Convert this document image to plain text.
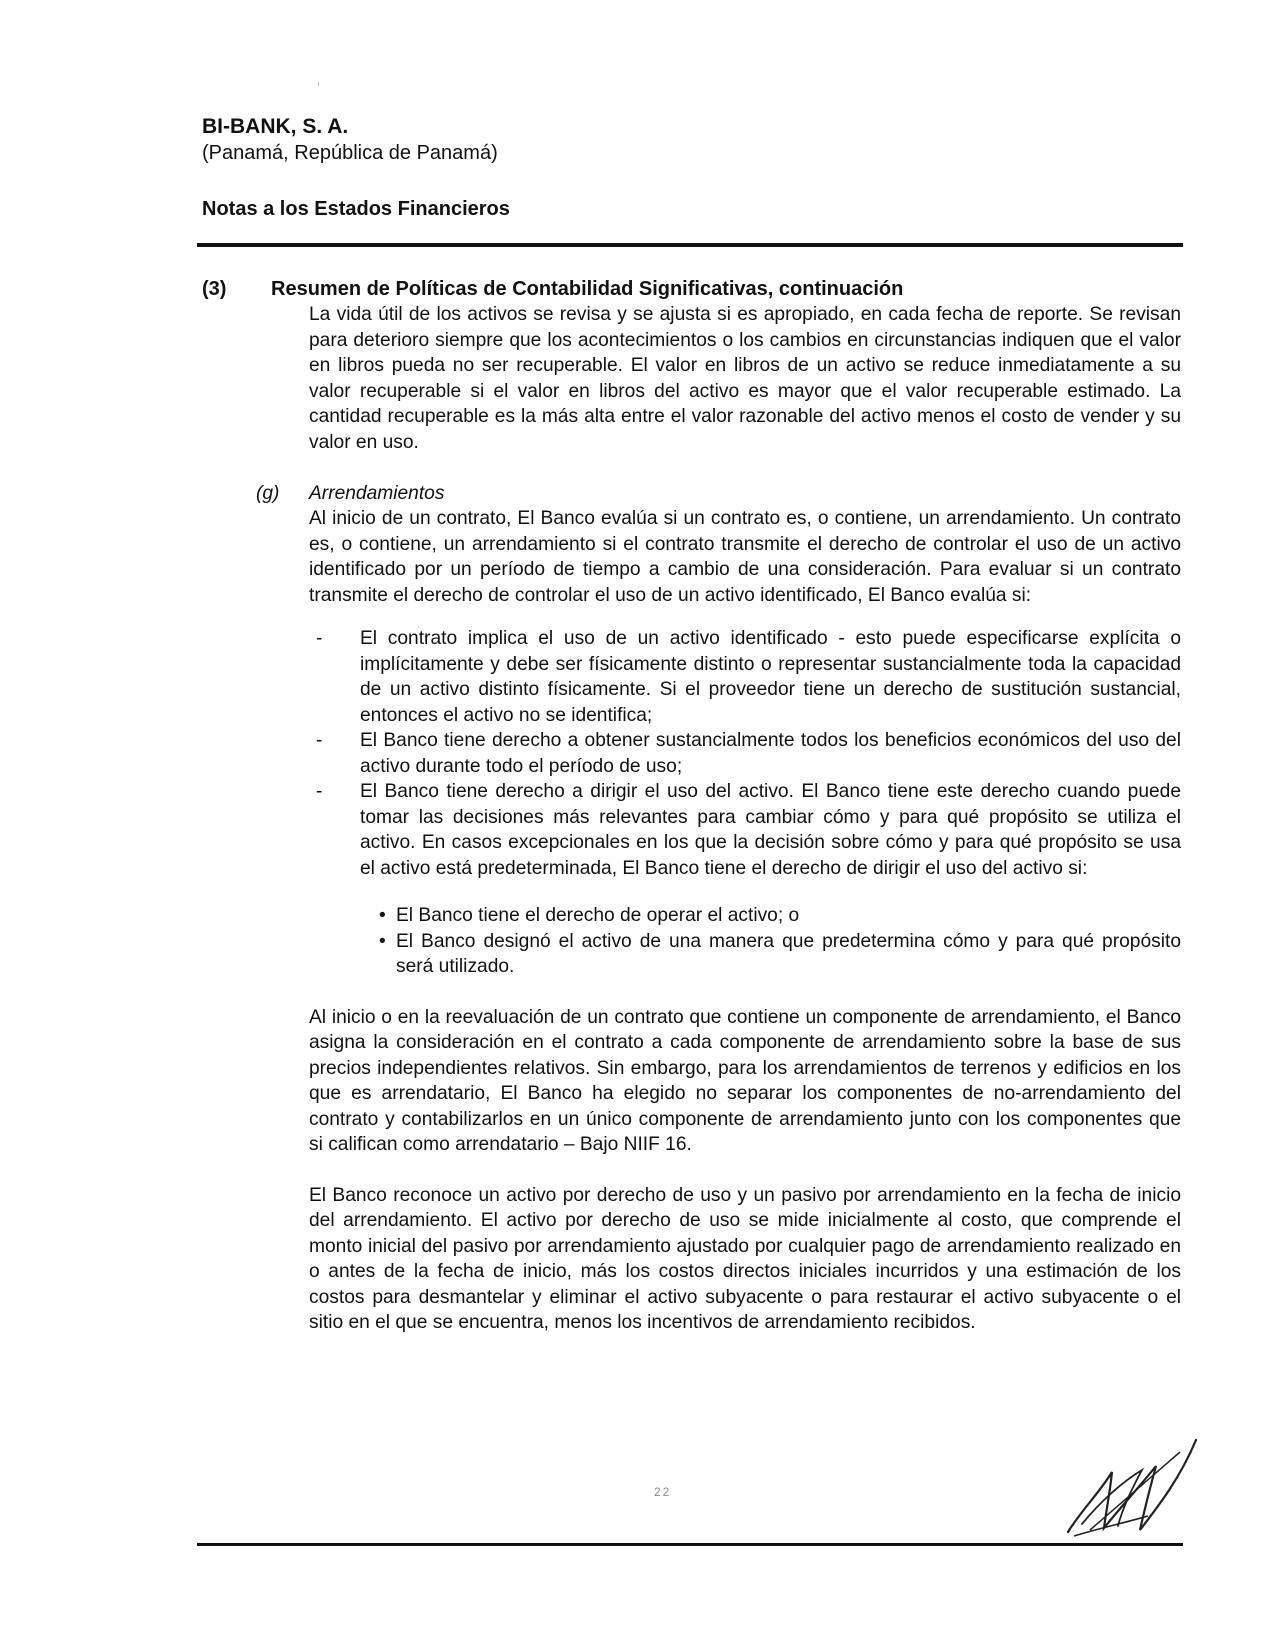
BI-BANK, S. A.
(Panamá, República de Panamá)
Notas a los Estados Financieros
(3) Resumen de Políticas de Contabilidad Significativas, continuación
La vida útil de los activos se revisa y se ajusta si es apropiado, en cada fecha de reporte. Se revisan para deterioro siempre que los acontecimientos o los cambios en circunstancias indiquen que el valor en libros pueda no ser recuperable. El valor en libros de un activo se reduce inmediatamente a su valor recuperable si el valor en libros del activo es mayor que el valor recuperable estimado. La cantidad recuperable es la más alta entre el valor razonable del activo menos el costo de vender y su valor en uso.
(g) Arrendamientos
Al inicio de un contrato, El Banco evalúa si un contrato es, o contiene, un arrendamiento. Un contrato es, o contiene, un arrendamiento si el contrato transmite el derecho de controlar el uso de un activo identificado por un período de tiempo a cambio de una consideración. Para evaluar si un contrato transmite el derecho de controlar el uso de un activo identificado, El Banco evalúa si:
- El contrato implica el uso de un activo identificado - esto puede especificarse explícita o implícitamente y debe ser físicamente distinto o representar sustancialmente toda la capacidad de un activo distinto físicamente. Si el proveedor tiene un derecho de sustitución sustancial, entonces el activo no se identifica;
- El Banco tiene derecho a obtener sustancialmente todos los beneficios económicos del uso del activo durante todo el período de uso;
- El Banco tiene derecho a dirigir el uso del activo. El Banco tiene este derecho cuando puede tomar las decisiones más relevantes para cambiar cómo y para qué propósito se utiliza el activo. En casos excepcionales en los que la decisión sobre cómo y para qué propósito se usa el activo está predeterminada, El Banco tiene el derecho de dirigir el uso del activo si:
• El Banco tiene el derecho de operar el activo; o
• El Banco designó el activo de una manera que predetermina cómo y para qué propósito será utilizado.
Al inicio o en la reevaluación de un contrato que contiene un componente de arrendamiento, el Banco asigna la consideración en el contrato a cada componente de arrendamiento sobre la base de sus precios independientes relativos. Sin embargo, para los arrendamientos de terrenos y edificios en los que es arrendatario, El Banco ha elegido no separar los componentes de no-arrendamiento del contrato y contabilizarlos en un único componente de arrendamiento junto con los componentes que si califican como arrendatario – Bajo NIIF 16.
El Banco reconoce un activo por derecho de uso y un pasivo por arrendamiento en la fecha de inicio del arrendamiento. El activo por derecho de uso se mide inicialmente al costo, que comprende el monto inicial del pasivo por arrendamiento ajustado por cualquier pago de arrendamiento realizado en o antes de la fecha de inicio, más los costos directos iniciales incurridos y una estimación de los costos para desmantelar y eliminar el activo subyacente o para restaurar el activo subyacente o el sitio en el que se encuentra, menos los incentivos de arrendamiento recibidos.
22
